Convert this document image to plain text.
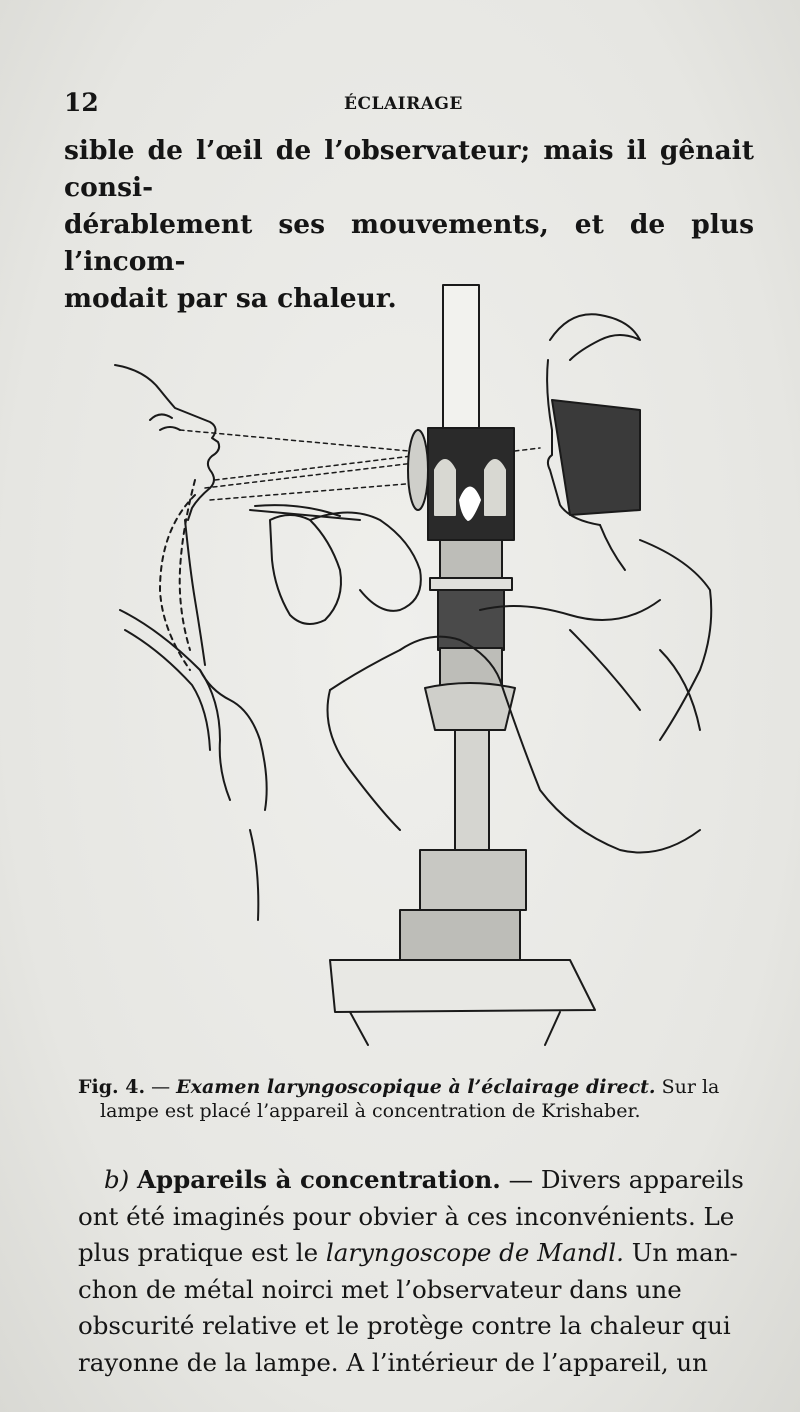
12	ÉCLAIRAGE

sible de l’œil de l’observateur; mais il gênait consi-

dérablement ses mouvements, et de plus l’incom-

modait par sa chaleur.

Fig. 4. — Examen laryngoscopique à l’éclairage direct. Sur la
lampe est placé l’appareil à concentration de Krishaber.
b) Appareils à concentration. — Divers appareils
ont été imaginés pour obvier à ces inconvénients. Le
plus pratique est le laryngoscope de Mandl. Un man-
chon de métal noirci met l’observateur dans une
obscurité relative et le protège contre la chaleur qui
rayonne de la lampe. A l’intérieur de l’appareil, un
